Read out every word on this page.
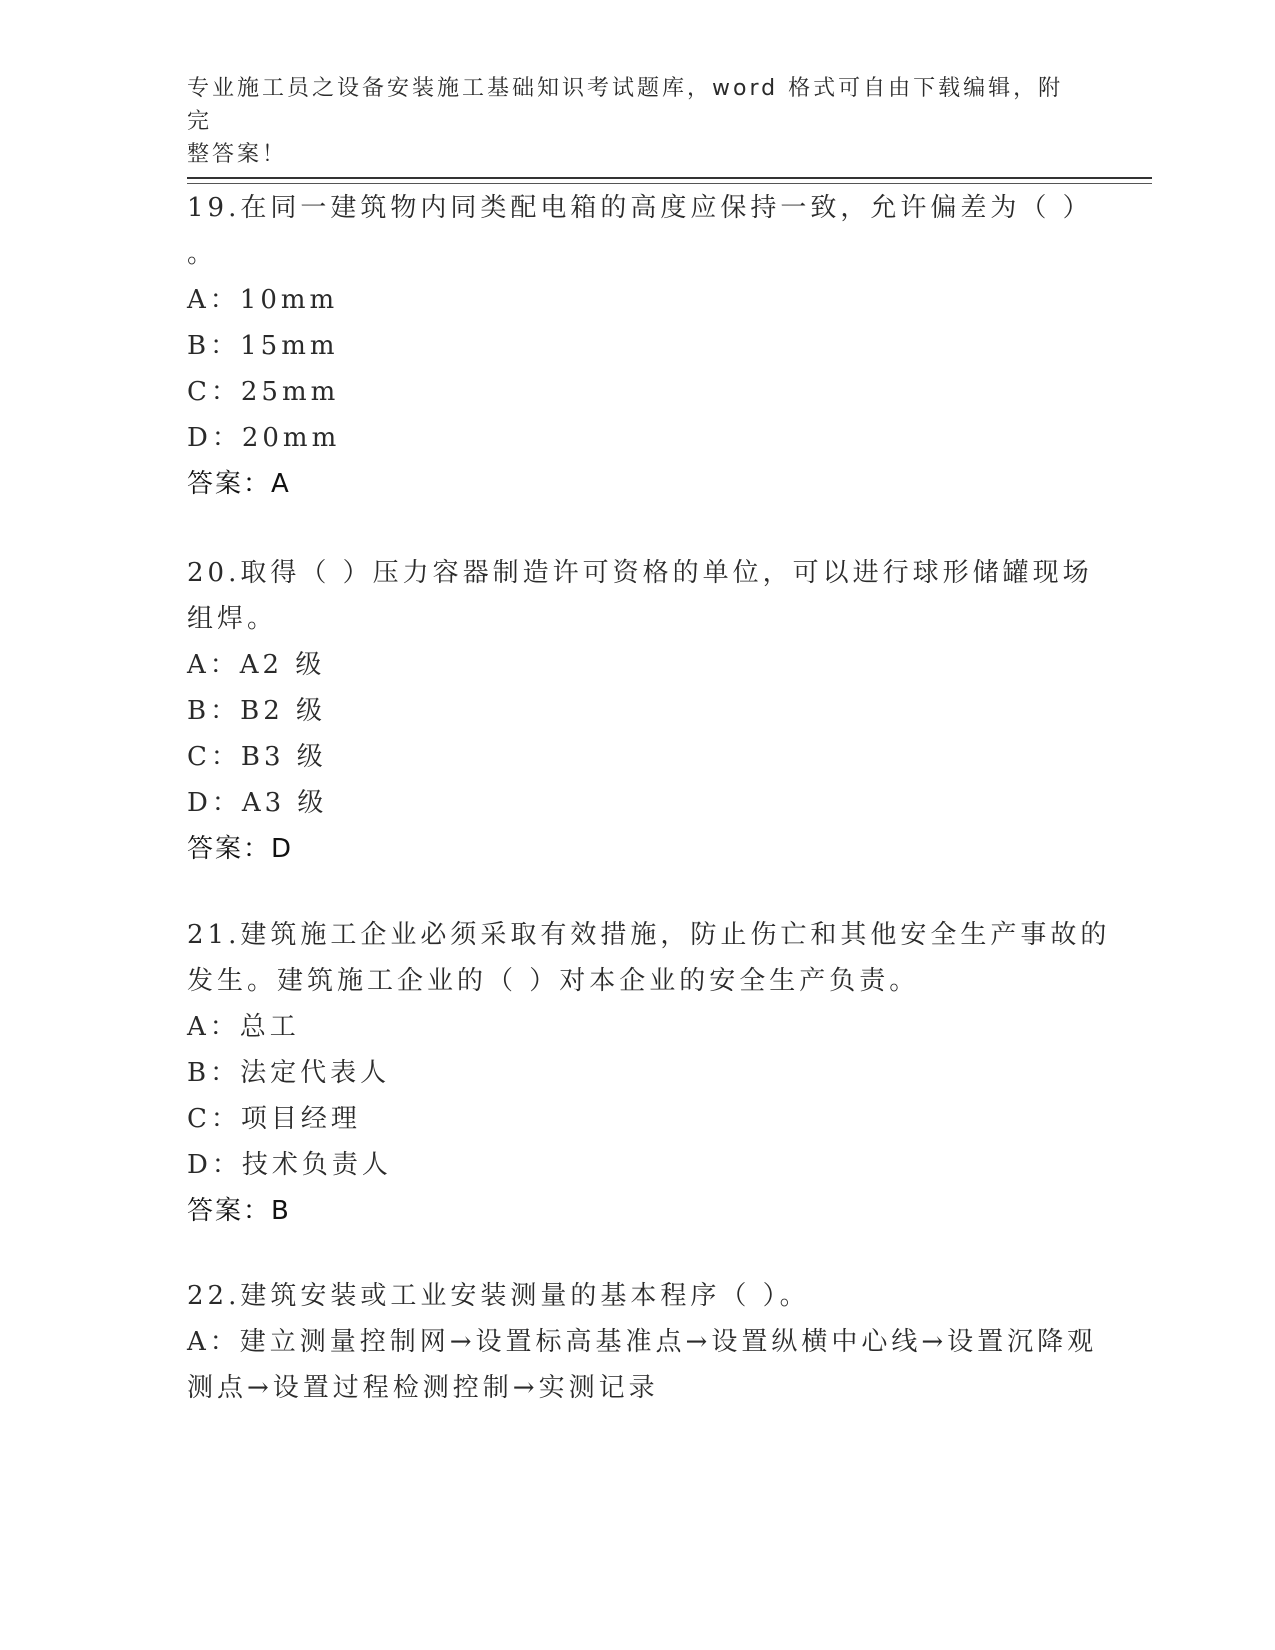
专业施工员之设备安装施工基础知识考试题库，word 格式可自由下载编辑，附完
整答案！
19.在同一建筑物内同类配电箱的高度应保持一致，允许偏差为（ ）
。
A：10mm
B：15mm
C：25mm
D：20mm
答案：A
20.取得（ ）压力容器制造许可资格的单位，可以进行球形储罐现场
组焊。
A：A2 级
B：B2 级
C：B3 级
D：A3 级
答案：D
21.建筑施工企业必须采取有效措施，防止伤亡和其他安全生产事故的
发生。建筑施工企业的（ ）对本企业的安全生产负责。
A：总工
B：法定代表人
C：项目经理
D：技术负责人
答案：B
22.建筑安装或工业安装测量的基本程序（ ）。
A：建立测量控制网→设置标高基准点→设置纵横中心线→设置沉降观
测点→设置过程检测控制→实测记录
